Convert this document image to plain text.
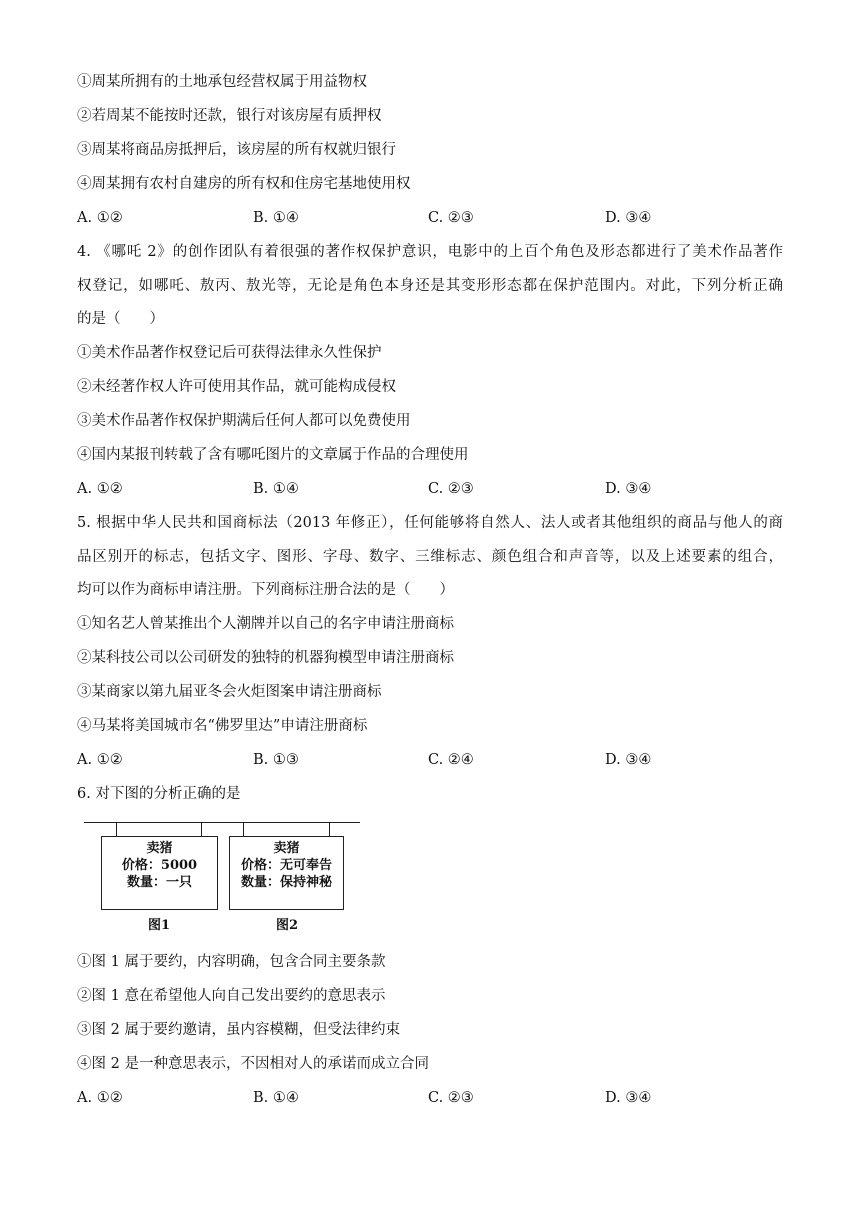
①周某所拥有的土地承包经营权属于用益物权
②若周某不能按时还款，银行对该房屋有质押权
③周某将商品房抵押后，该房屋的所有权就归银行
④周某拥有农村自建房的所有权和住房宅基地使用权
A. ①②	B. ①④	C. ②③	D. ③④
4. 《哪吒 2》的创作团队有着很强的著作权保护意识，电影中的上百个角色及形态都进行了美术作品著作
权登记，如哪吒、敖丙、敖光等，无论是角色本身还是其变形形态都在保护范围内。对此，下列分析正确
的是（　　）
①美术作品著作权登记后可获得法律永久性保护
②未经著作权人许可使用其作品，就可能构成侵权
③美术作品著作权保护期满后任何人都可以免费使用
④国内某报刊转载了含有哪吒图片的文章属于作品的合理使用
A. ①②	B. ①④	C. ②③	D. ③④
5. 根据中华人民共和国商标法（2013 年修正），任何能够将自然人、法人或者其他组织的商品与他人的商
品区别开的标志，包括文字、图形、字母、数字、三维标志、颜色组合和声音等，以及上述要素的组合，
均可以作为商标申请注册。下列商标注册合法的是（　　）
①知名艺人曾某推出个人潮牌并以自己的名字申请注册商标
②某科技公司以公司研发的独特的机器狗模型申请注册商标
③某商家以第九届亚冬会火炬图案申请注册商标
④马某将美国城市名“佛罗里达”申请注册商标
A. ①②	B. ①③	C. ②④	D. ③④
6. 对下图的分析正确的是
卖猪
价格：5000
数量：一只
卖猪
价格：无可奉告
数量：保持神秘
图1	图2
①图 1 属于要约，内容明确，包含合同主要条款
②图 1 意在希望他人向自己发出要约的意思表示
③图 2 属于要约邀请，虽内容模糊，但受法律约束
④图 2 是一种意思表示，不因相对人的承诺而成立合同
A. ①②	B. ①④	C. ②③	D. ③④
